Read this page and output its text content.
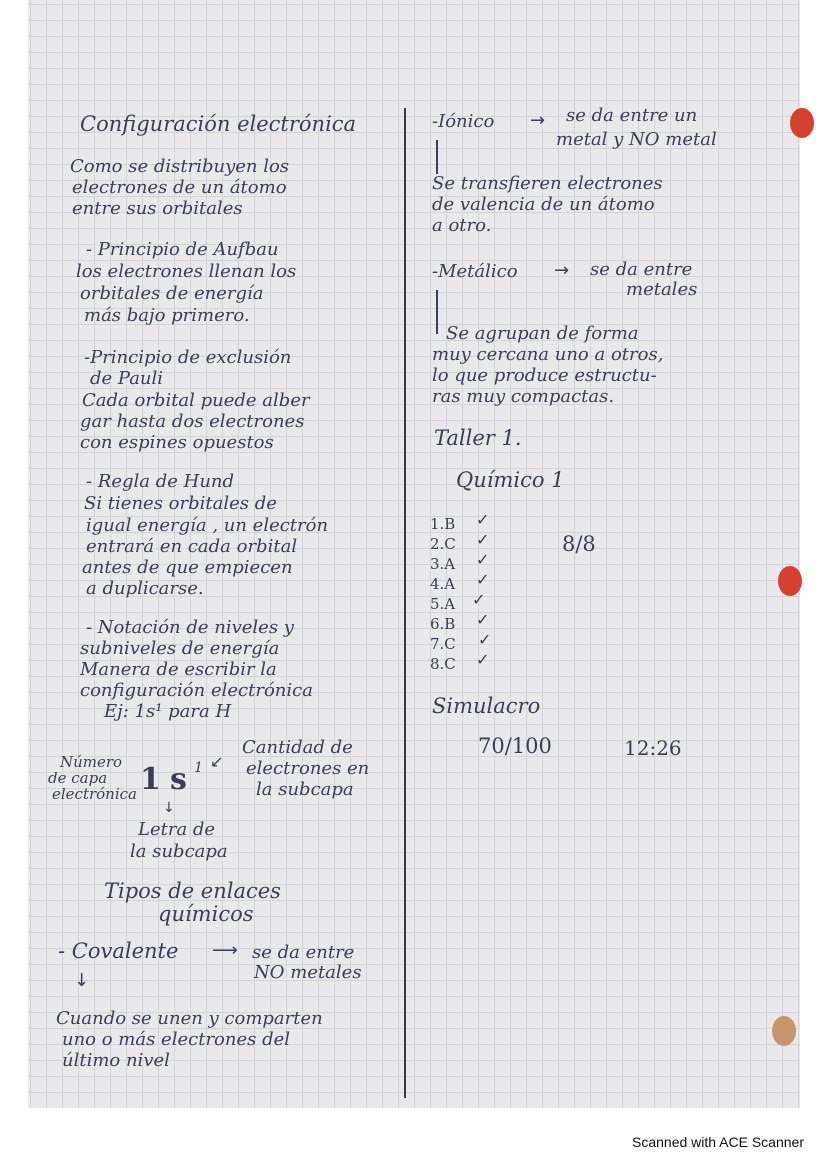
Configuración electrónica
Como se distribuyen los
electrones de un átomo
entre sus orbitales
- Principio de Aufbau
los electrones llenan los
orbitales de energía
más bajo primero.
-Principio de exclusión
de Pauli
Cada orbital puede alber
gar hasta dos electrones
con espines opuestos
- Regla de Hund
Si tienes orbitales de
igual energía , un electrón
entrará en cada orbital
antes de que empiecen
a duplicarse.
- Notación de niveles y
subniveles de energía
Manera de escribir la
configuración electrónica
Ej: 1s¹ para H
Número
de capa
electrónica 1 s 1 ↙
Cantidad de
electrones en
la subcapa
↓
Letra de
la subcapa
Tipos de enlaces
químicos
- Covalente ⟶ se da entre
NO metales
↓
Cuando se unen y comparten
uno o más electrones del
último nivel
-Iónico → se da entre un
metal y NO metal
Se transfieren electrones
de valencia de un átomo
a otro.
-Metálico → se da entre
metales
Se agrupan de forma
muy cercana uno a otros,
lo que produce estructu-
ras muy compactas.
Taller 1.
Químico 1
1.B
2.C
3.A
4.A
5.A
6.B
7.C
8.C
✓
✓
✓
✓
✓
✓
✓
✓
8/8
Simulacro
70/100	12:26
Scanned with ACE Scanner
